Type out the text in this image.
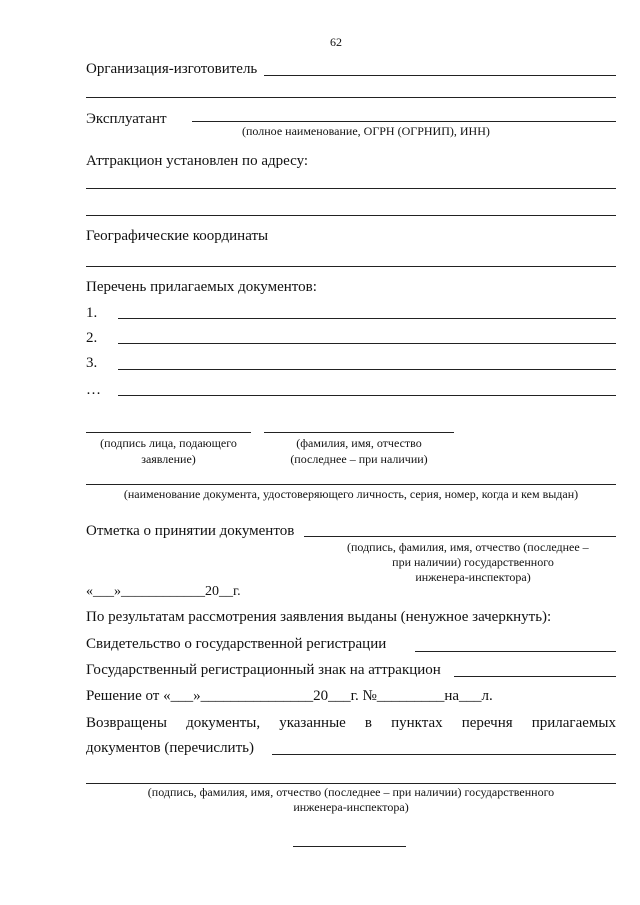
62
Организация-изготовитель
Эксплуатант
(полное наименование, ОГРН (ОГРНИП), ИНН)
Аттракцион установлен по адресу:
Географические координаты
Перечень прилагаемых документов:
1.
2.
3.
…
(подпись лица, подающего
заявление)
(фамилия, имя, отчество
(последнее – при наличии)
(наименование документа, удостоверяющего личность, серия, номер, когда и кем выдан)
Отметка о принятии документов
(подпись, фамилия, имя, отчество (последнее –
при наличии) государственного
инженера-инспектора)
«___»____________20__г.
По результатам рассмотрения заявления выданы (ненужное зачеркнуть):
Свидетельство о государственной регистрации
Государственный регистрационный знак на аттракцион
Решение от «___»_______________20___г. №_________на___л.
Возвращены документы, указанные в пунктах перечня прилагаемых
документов (перечислить)
(подпись, фамилия, имя, отчество (последнее – при наличии) государственного
инженера-инспектора)
